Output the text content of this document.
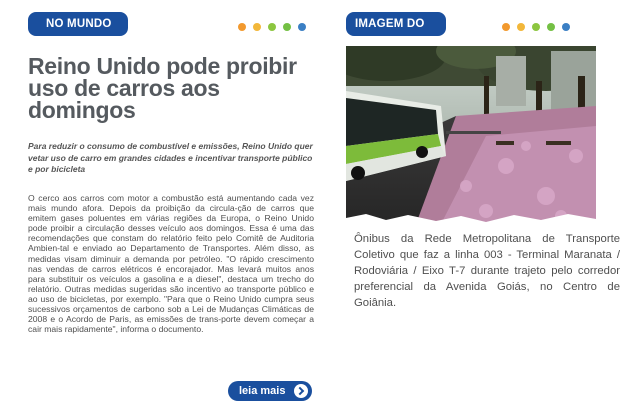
NO MUNDO
Reino Unido pode proibir uso de carros aos domingos

Para reduzir o consumo de combustível e emissões, Reino Unido quer vetar uso de carro em grandes cidades e incentivar transporte público e por bicicleta

O cerco aos carros com motor a combustão está aumentando cada vez mais mundo afora. Depois da proibição da circula-ção de carros que emitem gases poluentes em várias regiões da Europa, o Reino Unido pode proibir a circulação desses veículo aos domingos. Essa é uma das recomendações que constam do relatório feito pelo Comitê de Auditoria Ambien-tal e enviado ao Departamento de Transportes. Além disso, as medidas visam diminuir a demanda por petróleo. "O rápido crescimento nas vendas de carros elétricos é encorajador. Mas levará muitos anos para substituir os veículos a gasolina e a diesel", destaca um trecho do relatório. Outras medidas sugeridas são incentivo ao transporte público e ao uso de bicicletas, por exemplo. "Para que o Reino Unido cumpra seus sucessivos orçamentos de carbono sob a Lei de Mudanças Climáticas de 2008 e o Acordo de Paris, as emissões de trans-porte devem começar a cair mais rapidamente", informa o documento.

leia mais
IMAGEM DO

Ônibus da Rede Metropolitana de Transporte Coletivo que faz a linha 003 - Terminal Maranata / Rodoviária / Eixo T-7 durante trajeto pelo corredor preferencial da Avenida Goiás, no Centro de Goiânia.
